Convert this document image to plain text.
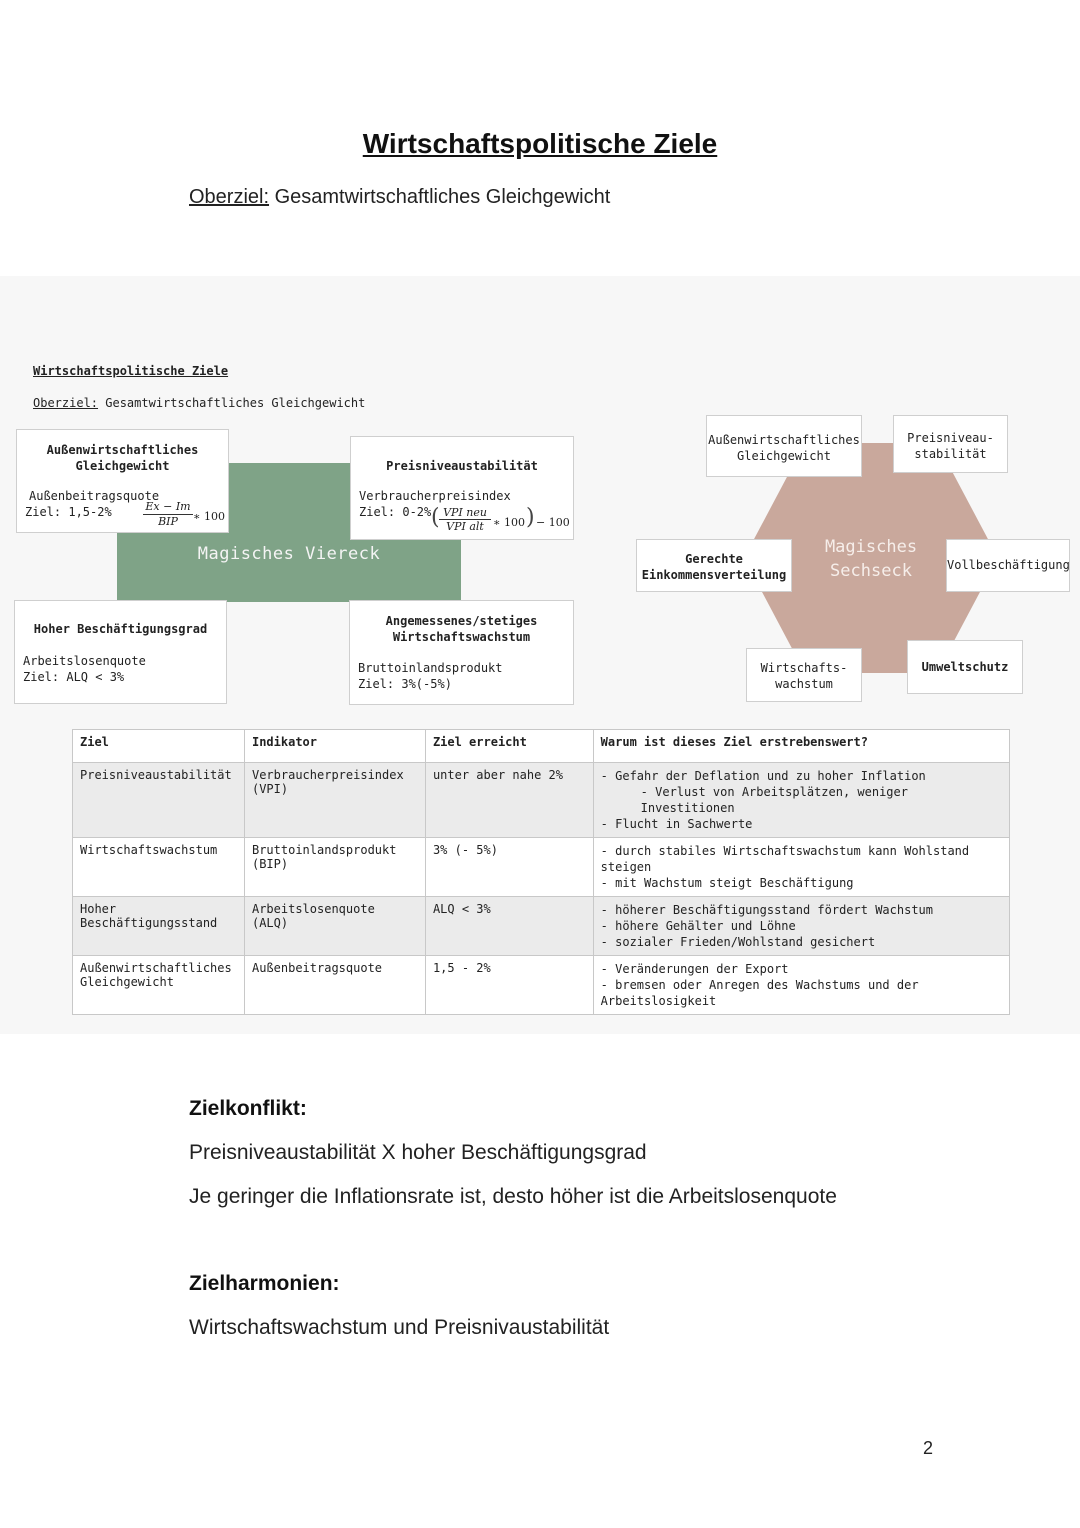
Wirtschaftspolitische Ziele
Oberziel: Gesamtwirtschaftliches Gleichgewicht
Wirtschaftspolitische Ziele
Oberziel: Gesamtwirtschaftliches Gleichgewicht
Magisches Viereck
Außenwirtschaftliches
Gleichgewicht
Außenbeitragsquote
Ziel: 1,5-2%	Ex − Im
BIP	∗ 100
Preisniveaustabilität
Verbraucherpreisindex
Ziel: 0-2% ( VPI neu
VPI alt ∗ 100 ) − 100
Hoher Beschäftigungsgrad
Arbeitslosenquote
Ziel: ALQ < 3%
Angemessenes/stetiges
Wirtschaftswachstum
Bruttoinlandsprodukt
Ziel: 3%(-5%)
Magisches
Sechseck
Außenwirtschaftliches
Gleichgewicht
Preisniveau-
stabilität
Gerechte
Einkommensverteilung
Vollbeschäftigung
Wirtschafts-
wachstum
Umweltschutz
Ziel	Indikator	Ziel erreicht	Warum ist dieses Ziel erstrebenswert?
Preisniveaustabilität	Verbraucherpreisindex (VPI)	unter aber nahe 2%	- Gefahr der Deflation und zu hoher Inflation
- Verlust von Arbeitsplätzen, weniger Investitionen
- Flucht in Sachwerte

Wirtschaftswachstum	Bruttoinlandsprodukt (BIP)	3% (- 5%)	- durch stabiles Wirtschaftswachstum kann Wohlstand steigen
- mit Wachstum steigt Beschäftigung

Hoher Beschäftigungsstand	Arbeitslosenquote (ALQ)	ALQ < 3%	- höherer Beschäftigungsstand fördert Wachstum
- höhere Gehälter und Löhne
- sozialer Frieden/Wohlstand gesichert

Außenwirtschaftliches Gleichgewicht	Außenbeitragsquote	1,5 - 2%	- Veränderungen der Export
- bremsen oder Anregen des Wachstums und der Arbeitslosigkeit
Zielkonflikt:
Preisniveaustabilität X hoher Beschäftigungsgrad
Je geringer die Inflationsrate ist, desto höher ist die Arbeitslosenquote
Zielharmonien:
Wirtschaftswachstum und Preisnivaustabilität
2
